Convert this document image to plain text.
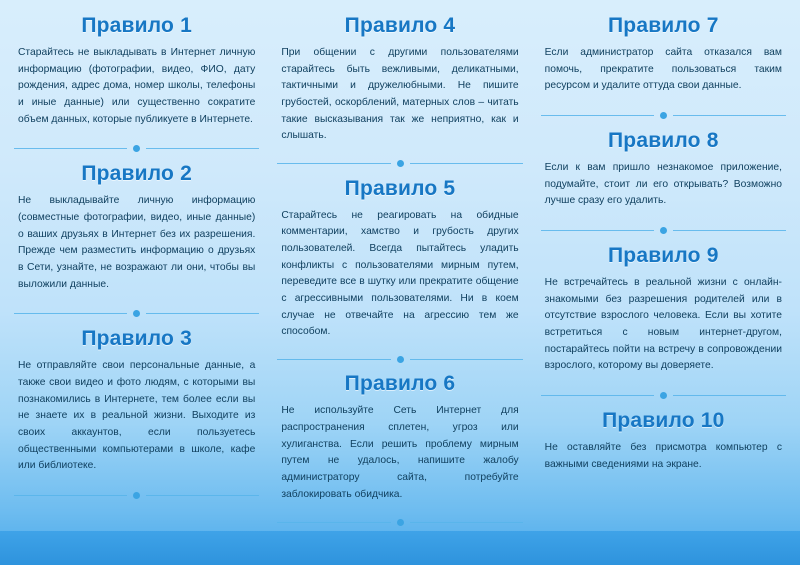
Правило 1
Старайтесь не выкладывать в Интернет личную информацию (фотографии, видео, ФИО, дату рождения, адрес дома, номер школы, телефоны и иные данные) или существенно сократите объем данных, которые публикуете в Интернете.
Правило 2
Не выкладывайте личную информацию (совместные фотографии, видео, иные данные) о ваших друзьях в Интернет без их разрешения. Прежде чем разместить информацию о друзьях в Сети, узнайте, не возражают ли они, чтобы вы выложили данные.
Правило 3
Не отправляйте свои персональные данные, а также свои видео и фото людям, с которыми вы познакомились в Интернете, тем более если вы не знаете их в реальной жизни. Выходите из своих аккаунтов, если пользуетесь общественными компьютерами в школе, кафе или библиотеке.
Правило 4
При общении с другими пользователями старайтесь быть вежливыми, деликатными, тактичными и дружелюбными. Не пишите грубостей, оскорблений, матерных слов – читать такие высказывания так же неприятно, как и слышать.
Правило 5
Старайтесь не реагировать на обидные комментарии, хамство и грубость других пользователей. Всегда пытайтесь уладить конфликты с пользователями мирным путем, переведите все в шутку или прекратите общение с агрессивными пользователями. Ни в коем случае не отвечайте на агрессию тем же способом.
Правило 6
Не используйте Сеть Интернет для распространения сплетен, угроз или хулиганства. Если решить проблему мирным путем не удалось, напишите жалобу администратору сайта, потребуйте заблокировать обидчика.
Правило 7
Если администратор сайта отказался вам помочь, прекратите пользоваться таким ресурсом и удалите оттуда свои данные.
Правило 8
Если к вам пришло незнакомое приложение, подумайте, стоит ли его открывать? Возможно лучше сразу его удалить.
Правило 9
Не встречайтесь в реальной жизни с онлайн-знакомыми без разрешения родителей или в отсутствие взрослого человека. Если вы хотите встретиться с новым интернет-другом, постарайтесь пойти на встречу в сопровождении взрослого, которому вы доверяете.
Правило 10
Не оставляйте без присмотра компьютер с важными сведениями на экране.
